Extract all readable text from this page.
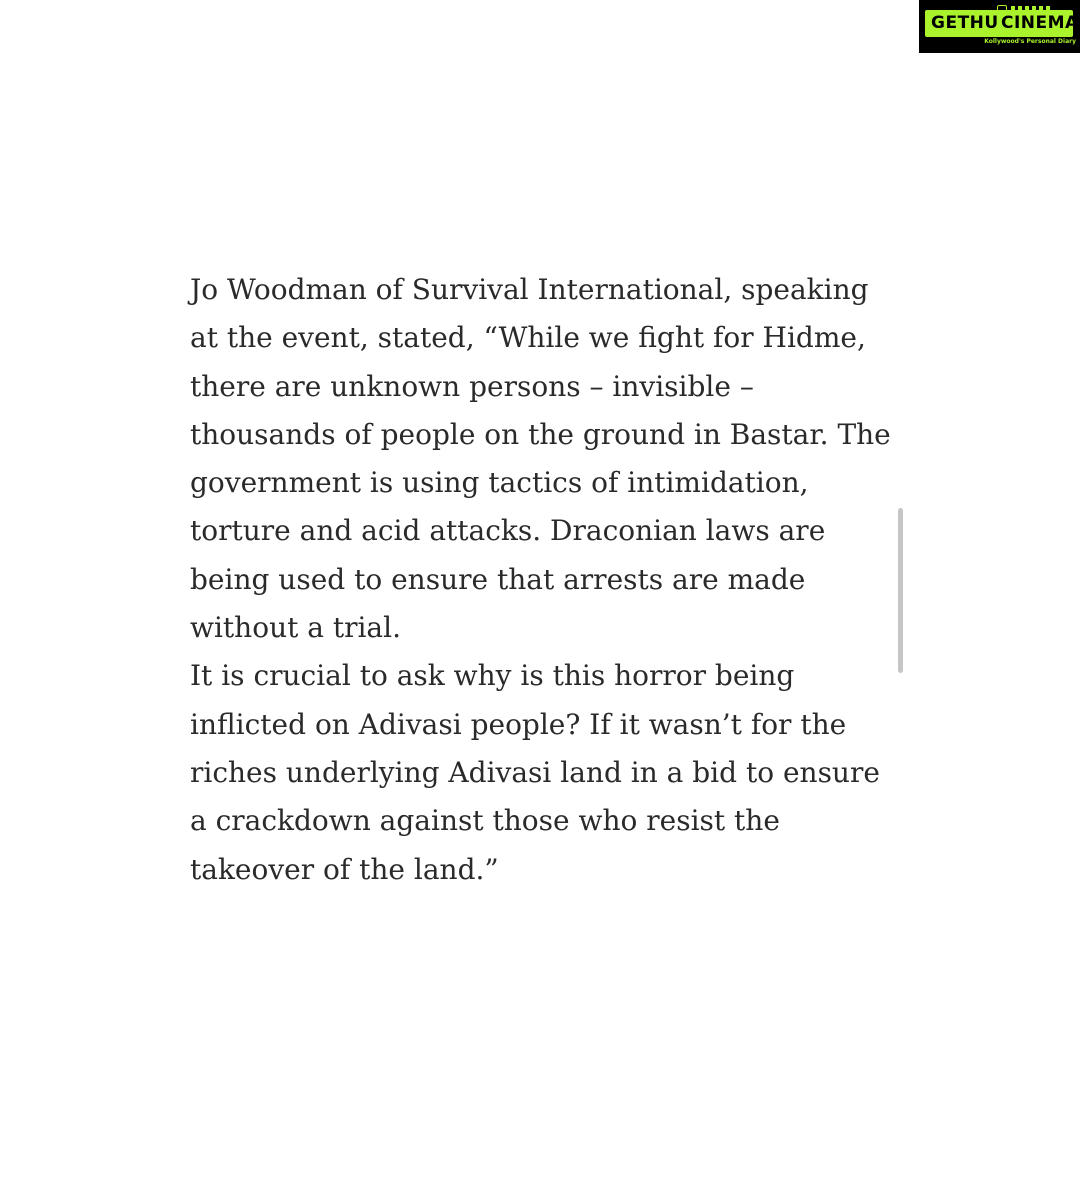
GETHU CINEMA
Kollywood's Personal Diary

Jo Woodman of Survival International, speaking at the event, stated, “While we fight for Hidme, there are unknown persons – invisible – thousands of people on the ground in Bastar. The government is using tactics of intimidation, torture and acid attacks. Draconian laws are being used to ensure that arrests are made without a trial.

It is crucial to ask why is this horror being inflicted on Adivasi people? If it wasn’t for the riches underlying Adivasi land in a bid to ensure a crackdown against those who resist the takeover of the land.”
